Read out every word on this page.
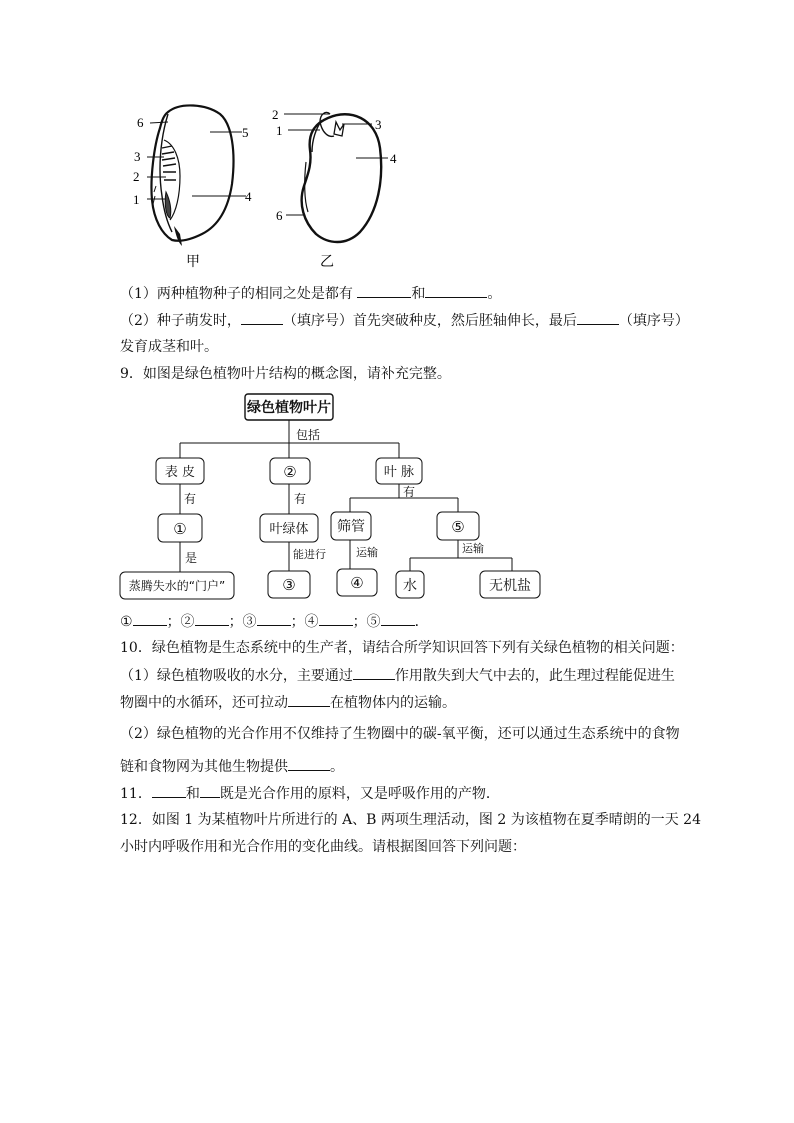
6
5
3
2
4
1
甲
2
1	3
4
6
乙
（1）两种植物种子的相同之处是都有	和	。
（2）种子萌发时，	（填序号）首先突破种皮，然后胚轴伸长，最后	（填序号）
发育成茎和叶。
9．如图是绿色植物叶片结构的概念图，请补充完整。
绿色植物叶片
包括
表 皮	②	叶 脉
有	有	有
①	叶绿体 筛管	⑤
是	能进行	运输	运输
蒸腾失水的“门户”	③	④	水	无机盐
① ；② ；③ ；④ ；⑤ ．
10．绿色植物是生态系统中的生产者，请结合所学知识回答下列有关绿色植物的相关问题：
（1）绿色植物吸收的水分，主要通过	作用散失到大气中去的，此生理过程能促进生
物圈中的水循环，还可拉动	在植物体内的运输。
（2）绿色植物的光合作用不仅维持了生物圈中的碳-氧平衡，还可以通过生态系统中的食物
链和食物网为其他生物提供	。
11． 和 既是光合作用的原料，又是呼吸作用的产物．
12．如图 1 为某植物叶片所进行的 A、B 两项生理活动，图 2 为该植物在夏季晴朗的一天 24
小时内呼吸作用和光合作用的变化曲线。请根据图回答下列问题：
